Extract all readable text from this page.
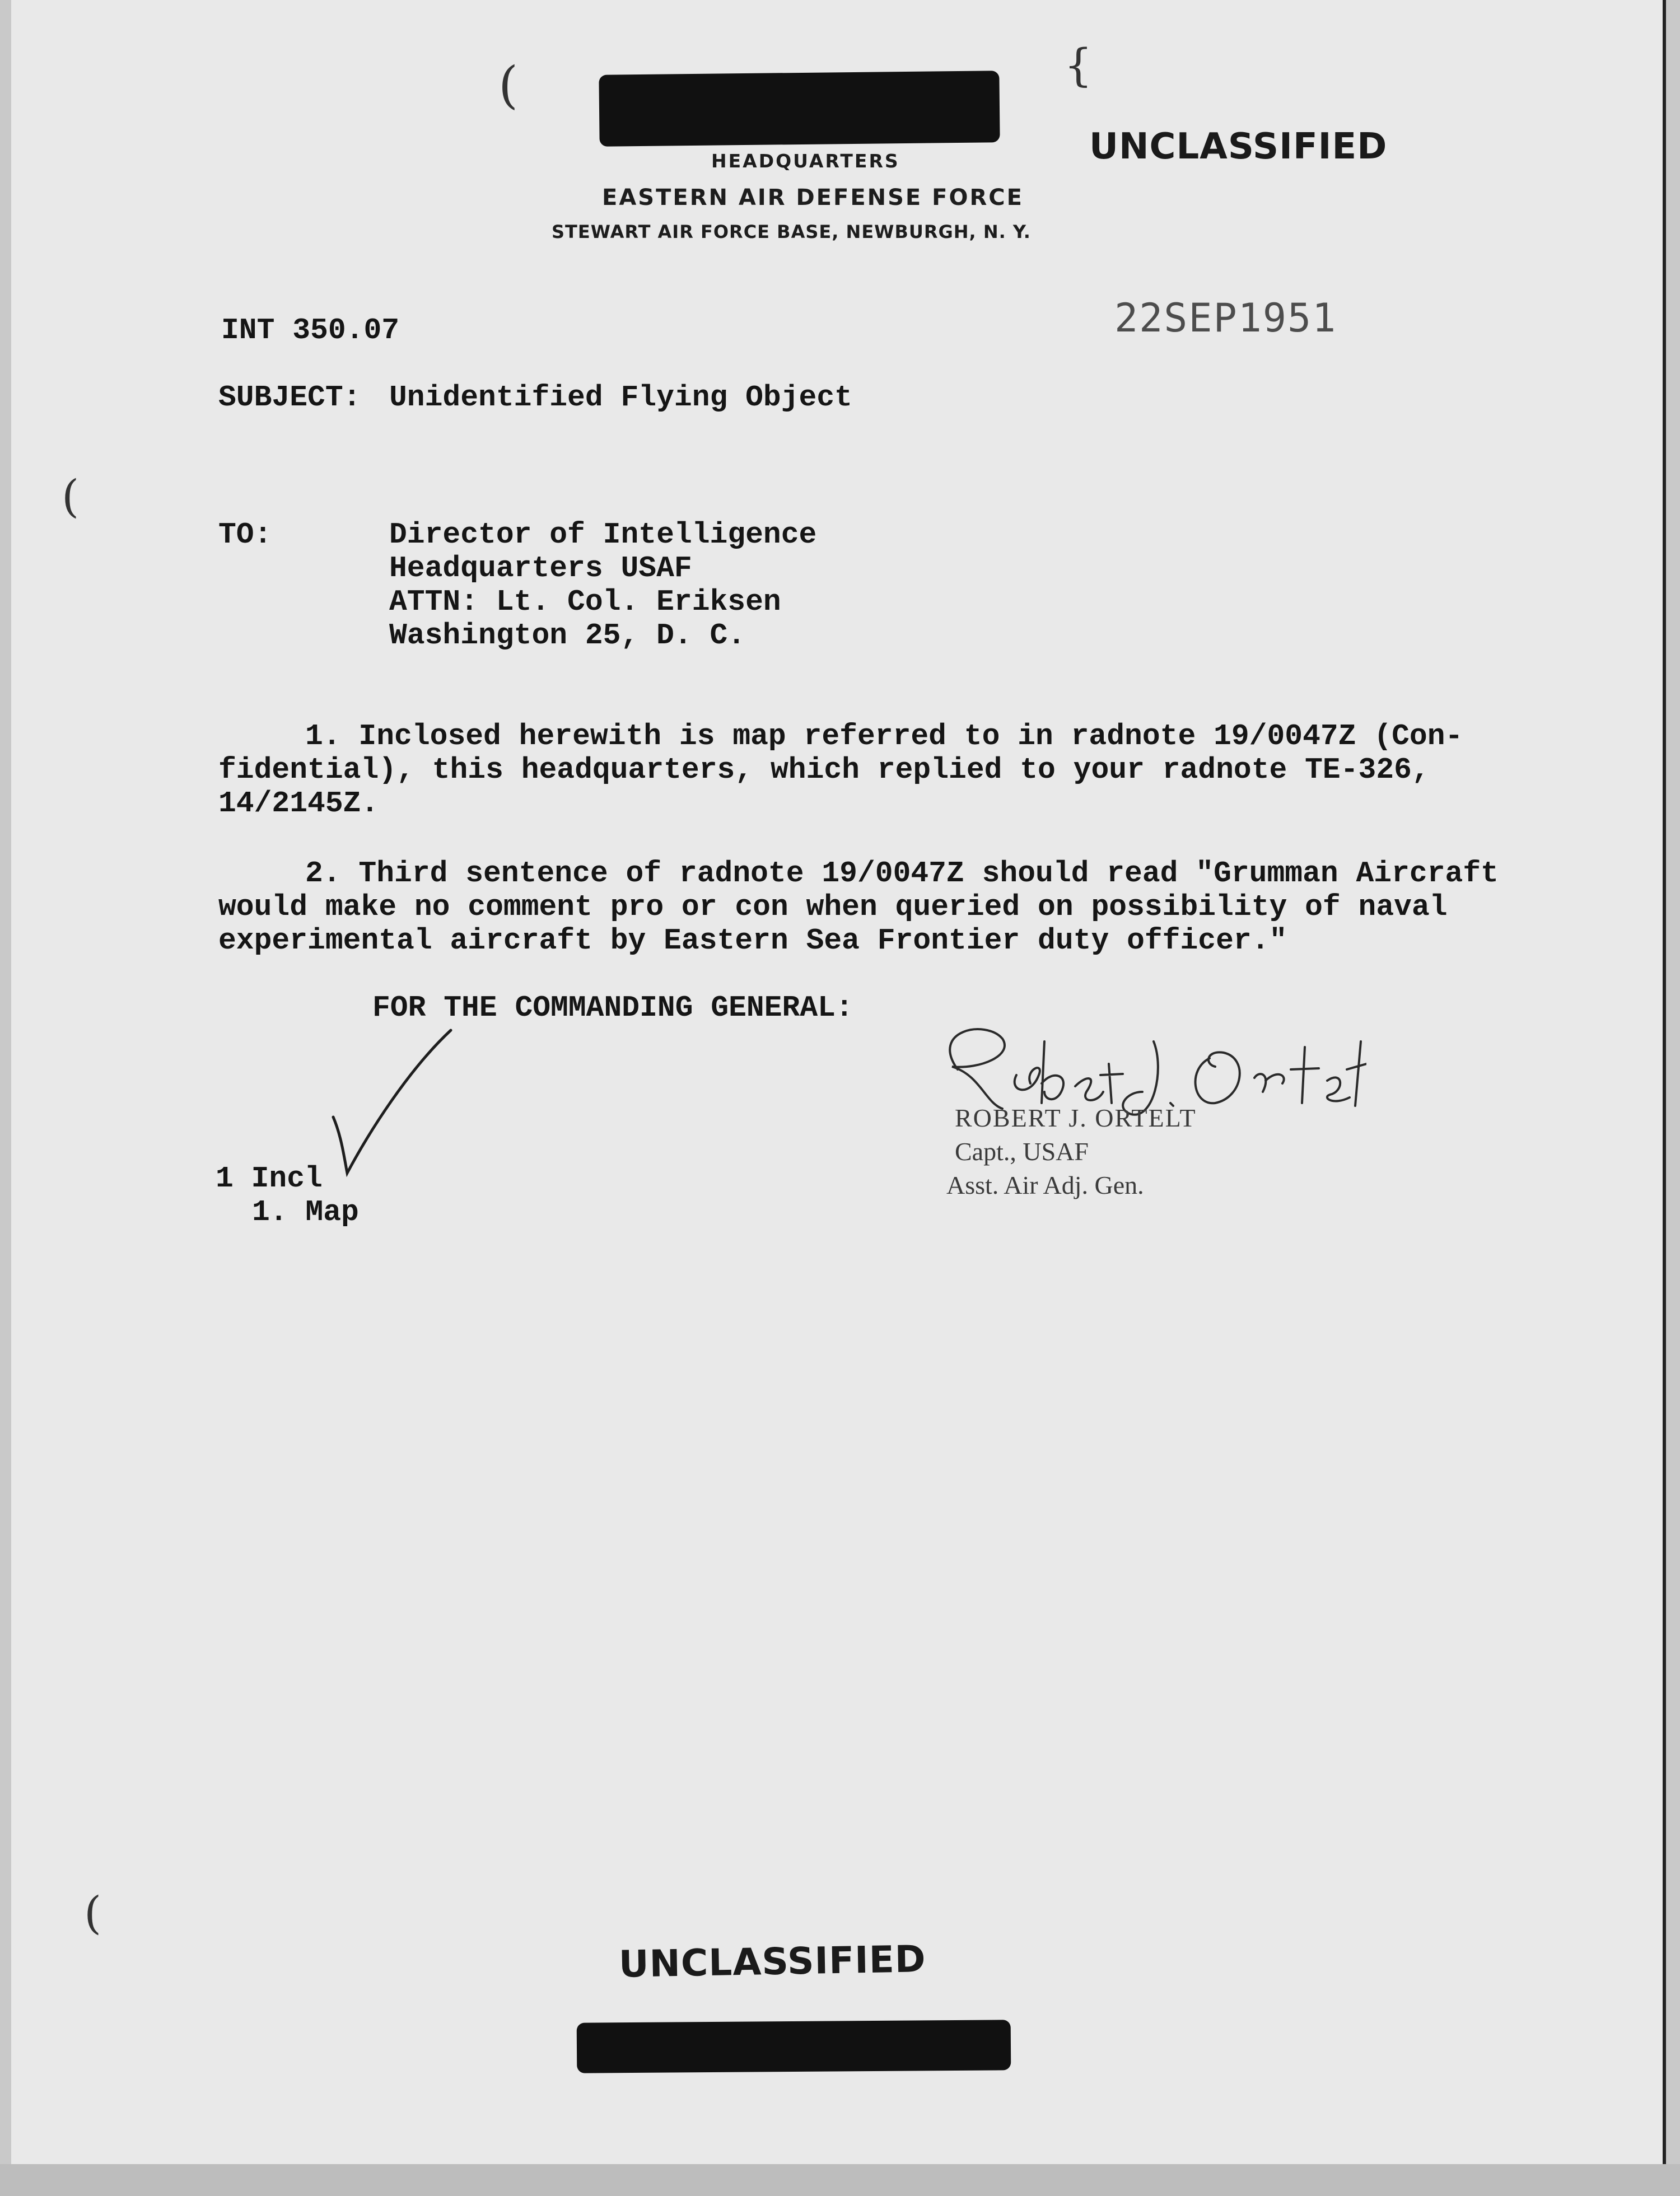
(	{
(
(
HEADQUARTERS
EASTERN AIR DEFENSE FORCE
STEWART AIR FORCE BASE, NEWBURGH, N. Y.
UNCLASSIFIED
INT 350.07	22SEP1951
SUBJECT: Unidentified Flying Object
TO:	Director of Intelligence
Headquarters USAF
ATTN: Lt. Col. Eriksen
Washington 25, D. C.
1. Inclosed herewith is map referred to in radnote 19/0047Z (Con-
fidential), this headquarters, which replied to your radnote TE-326,
14/2145Z.
2. Third sentence of radnote 19/0047Z should read "Grumman Aircraft
would make no comment pro or con when queried on possibility of naval
experimental aircraft by Eastern Sea Frontier duty officer."
FOR THE COMMANDING GENERAL:
ROBERT J. ORTELT
Capt., USAF
Asst. Air Adj. Gen.
1 Incl
1. Map
UNCLASSIFIED
